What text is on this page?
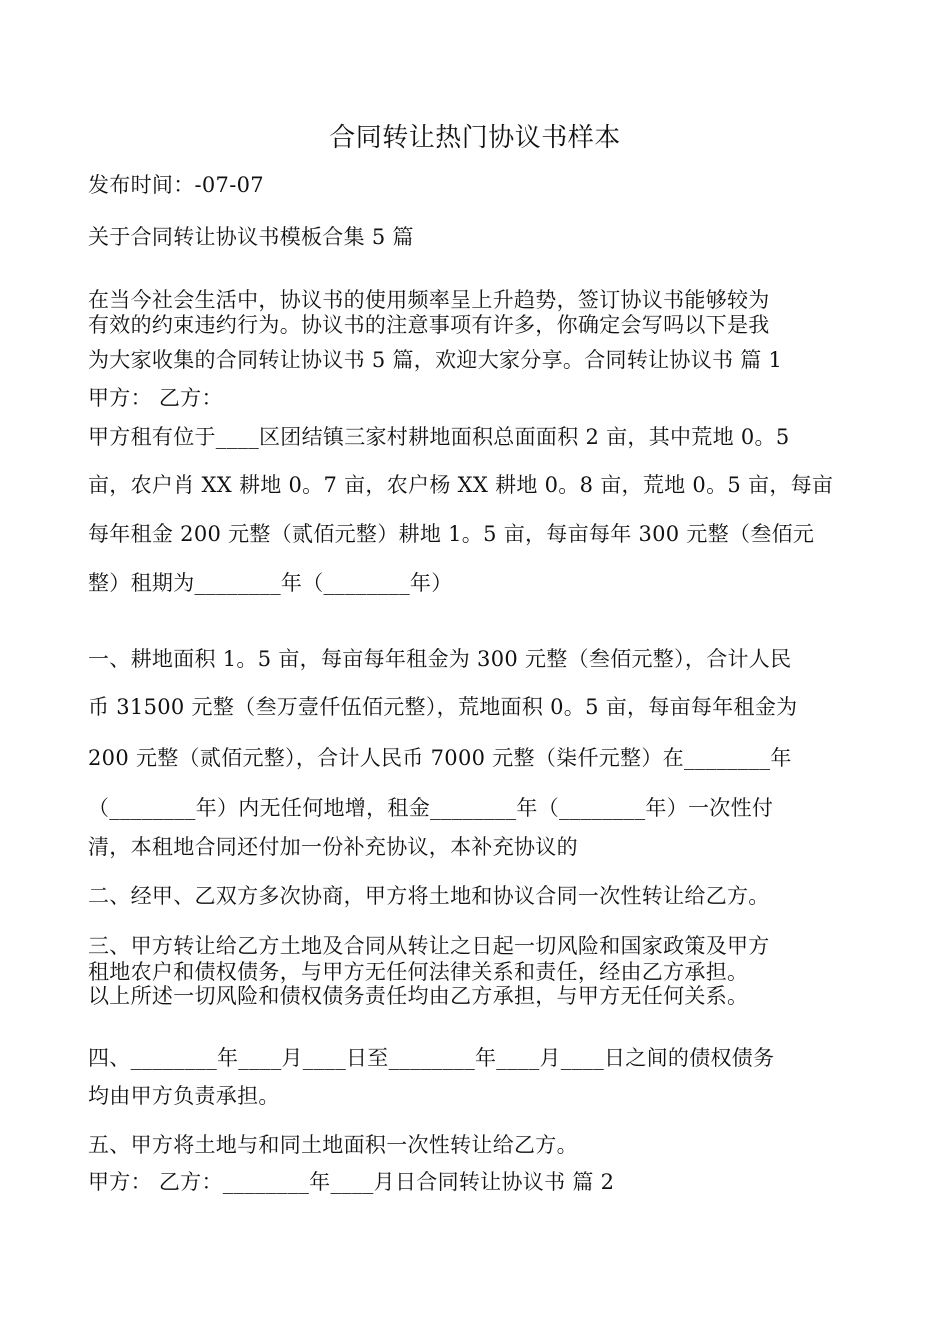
合同转让热门协议书样本
发布时间：-07-07
关于合同转让协议书模板合集 5 篇
在当今社会生活中，协议书的使用频率呈上升趋势，签订协议书能够较为
有效的约束违约行为。协议书的注意事项有许多，你确定会写吗以下是我
为大家收集的合同转让协议书 5 篇，欢迎大家分享。合同转让协议书 篇 1
甲方： 乙方：
甲方租有位于____区团结镇三家村耕地面积总面面积 2 亩，其中荒地 0。5
亩，农户肖 XX 耕地 0。7 亩，农户杨 XX 耕地 0。8 亩，荒地 0。5 亩，每亩
每年租金 200 元整（贰佰元整）耕地 1。5 亩，每亩每年 300 元整（叁佰元
整）租期为________年（________年）
一、耕地面积 1。5 亩，每亩每年租金为 300 元整（叁佰元整），合计人民
币 31500 元整（叁万壹仟伍佰元整），荒地面积 0。5 亩，每亩每年租金为
200 元整（贰佰元整），合计人民币 7000 元整（柒仟元整）在________年
（________年）内无任何地增，租金________年（________年）一次性付
清，本租地合同还付加一份补充协议，本补充协议的
二、经甲、乙双方多次协商，甲方将土地和协议合同一次性转让给乙方。
三、甲方转让给乙方土地及合同从转让之日起一切风险和国家政策及甲方
租地农户和债权债务，与甲方无任何法律关系和责任，经由乙方承担。
以上所述一切风险和债权债务责任均由乙方承担，与甲方无任何关系。
四、________年____月____日至________年____月____日之间的债权债务
均由甲方负责承担。
五、甲方将土地与和同土地面积一次性转让给乙方。
甲方： 乙方：________年____月日合同转让协议书 篇 2
